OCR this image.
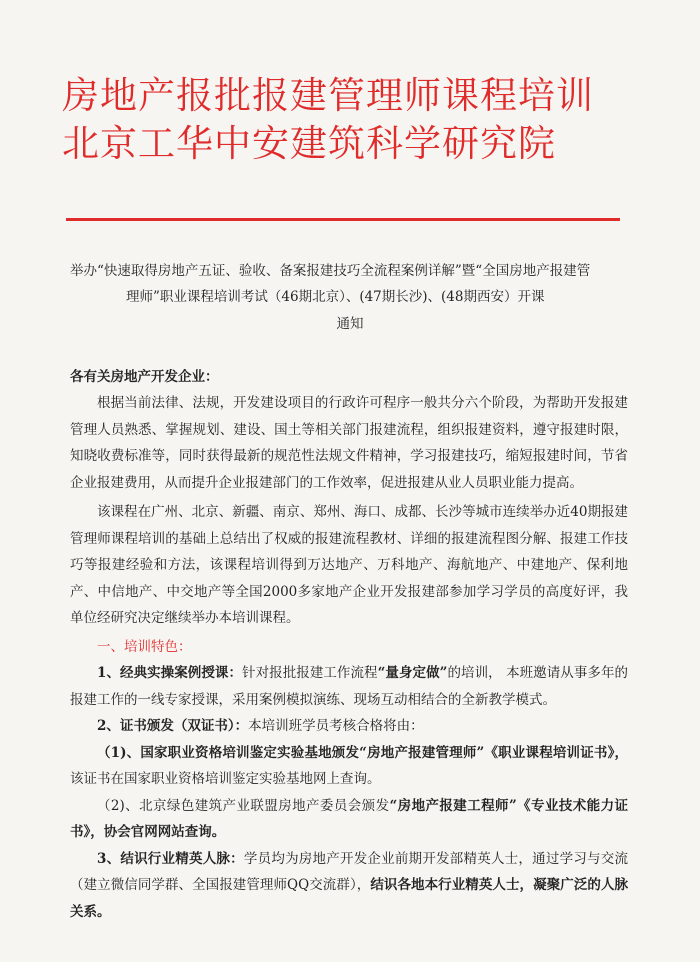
房地产报批报建管理师课程培训
北京工华中安建筑科学研究院
举办“快速取得房地产五证、验收、备案报建技巧全流程案例详解”暨“全国房地产报建管
理师”职业课程培训考试（46期北京）、(47期长沙)、(48期西安）开课
通知
各有关房地产开发企业：

根据当前法律、法规，开发建设项目的行政许可程序一般共分六个阶段，为帮助开发报建管理人员熟悉、掌握规划、建设、国土等相关部门报建流程，组织报建资料，遵守报建时限，知晓收费标准等，同时获得最新的规范性法规文件精神，学习报建技巧，缩短报建时间，节省企业报建费用，从而提升企业报建部门的工作效率，促进报建从业人员职业能力提高。

该课程在广州、北京、新疆、南京、郑州、海口、成都、长沙等城市连续举办近40期报建管理师课程培训的基础上总结出了权威的报建流程教材、详细的报建流程图分解、报建工作技巧等报建经验和方法，该课程培训得到万达地产、万科地产、海航地产、中建地产、保利地产、中信地产、中交地产等全国2000多家地产企业开发报建部参加学习学员的高度好评，我单位经研究决定继续举办本培训课程。

一、培训特色：

1、经典实操案例授课：针对报批报建工作流程“量身定做”的培训， 本班邀请从事多年的报建工作的一线专家授课，采用案例模拟演练、现场互动相结合的全新教学模式。

2、证书颁发（双证书）：本培训班学员考核合格将由：

（1)、国家职业资格培训鉴定实验基地颁发“房地产报建管理师”《职业课程培训证书》，该证书在国家职业资格培训鉴定实验基地网上查询。

（2)、北京绿色建筑产业联盟房地产委员会颁发“房地产报建工程师”《专业技术能力证书》，协会官网网站查询。

3、结识行业精英人脉：学员均为房地产开发企业前期开发部精英人士，通过学习与交流（建立微信同学群、全国报建管理师QQ交流群），结识各地本行业精英人士，凝聚广泛的人脉关系。
